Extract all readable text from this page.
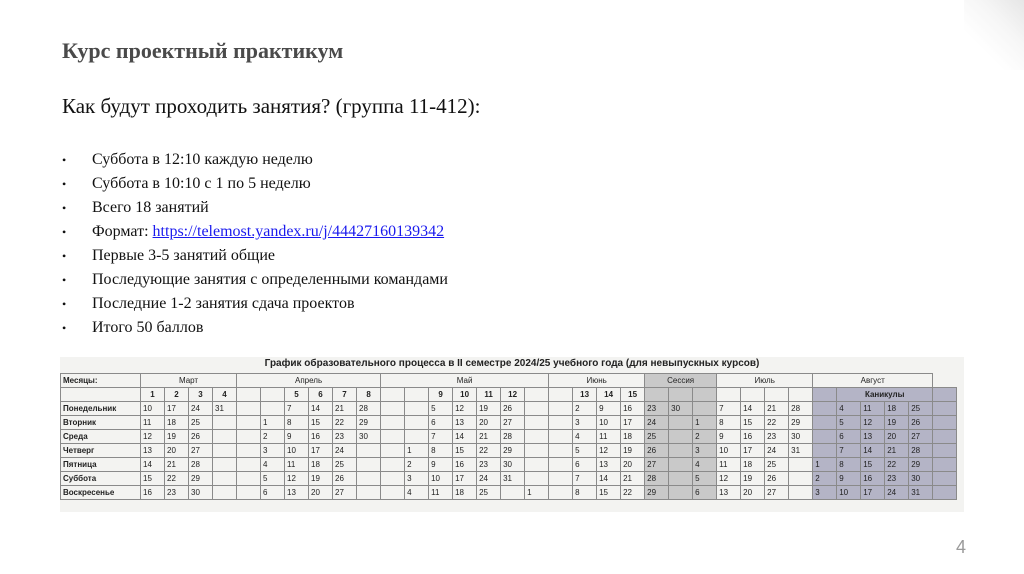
Курс проектный практикум
Как будут проходить занятия? (группа 11-412):
•	Суббота в 12:10 каждую неделю
•	Суббота в 10:10 с 1 по 5 неделю
•	Всего 18 занятий
•	Формат: https://telemost.yandex.ru/j/44427160139342
•	Первые 3-5 занятий общие
•	Последующие занятия с определенными командами
•	Последние 1-2 занятия сдача проектов
•	Итого 50 баллов
График образовательного процесса в II семестре 2024/25 учебного года (для невыпускных курсов)
Месяцы:	Март				Апрель						Май							Июнь				Сессия			Июль				Август					
	1	2	3	4			5	6	7	8			9	10	11	12			13	14	15									Каникулы				
Понедельник	10	17	24	31			7	14	21	28			5	12	19	26			2	9	16	23	30		7	14	21	28		4	11	18	25	
Вторник	11	18	25			1	8	15	22	29			6	13	20	27			3	10	17	24		1	8	15	22	29		5	12	19	26	
Среда	12	19	26			2	9	16	23	30			7	14	21	28			4	11	18	25		2	9	16	23	30		6	13	20	27	
Четверг	13	20	27			3	10	17	24			1	8	15	22	29			5	12	19	26		3	10	17	24	31		7	14	21	28	
Пятница	14	21	28			4	11	18	25			2	9	16	23	30			6	13	20	27		4	11	18	25		1	8	15	22	29	
Суббота	15	22	29			5	12	19	26			3	10	17	24	31			7	14	21	28		5	12	19	26		2	9	16	23	30	
Воскресенье	16	23	30			6	13	20	27			4	11	18	25		1		8	15	22	29		6	13	20	27		3	10	17	24	31	
4
